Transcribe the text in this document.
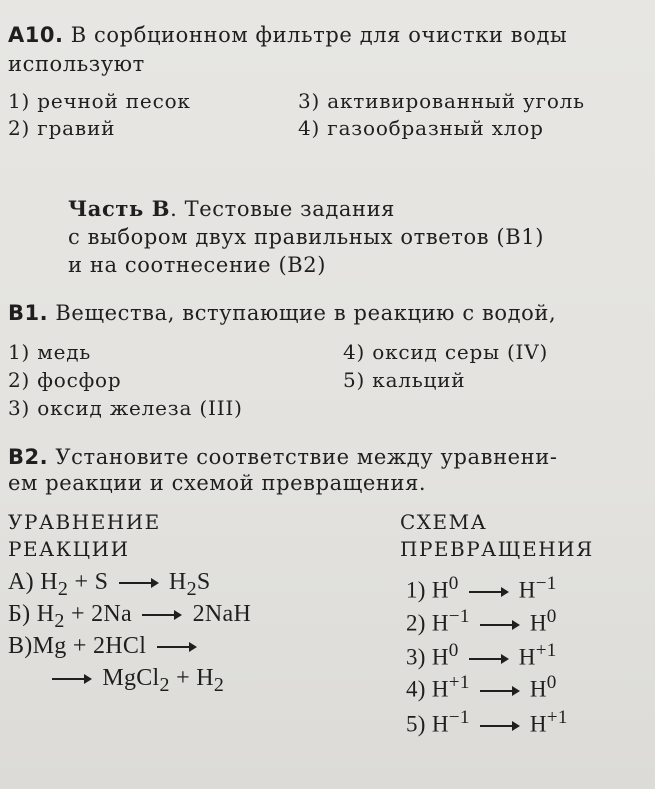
A10. В сорбционном фильтре для очистки воды
используют
1) речной песок
2) гравий
3) активированный уголь
4) газообразный хлор
Часть В. Тестовые задания
с выбором двух правильных ответов (В1)
и на соотнесение (В2)
В1. Вещества, вступающие в реакцию с водой,
1) медь
2) фосфор
3) оксид железа (III)
4) оксид серы (IV)
5) кальций
В2. Установите соответствие между уравнени-
ем реакции и схемой превращения.
УРАВНЕНИЕ
РЕАКЦИИ
СХЕМА
ПРЕВРАЩЕНИЯ
А) $H_2 + S$	$H_2S$
Б) $H_2 + 2Na$	2NaH
В)Mg + 2HCl
MgCl$_2$ + $H_2$
1) $H^0$	$H^{-1}$
2) $H^{-1}$	$H^0$
3) $H^0$	$H^{+1}$
4) $H^{+1}$	$H^0$
5) $H^{-1}$	$H^{+1}$
